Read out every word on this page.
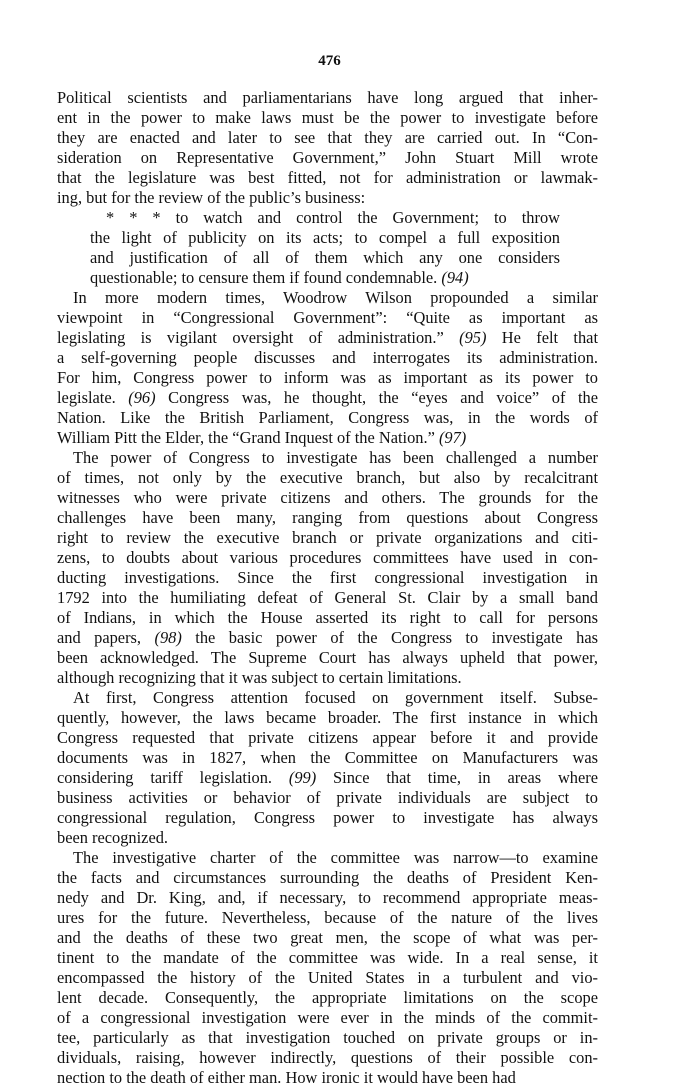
476
Political scientists and parliamentarians have long argued that inher-
ent in the power to make laws must be the power to investigate before
they are enacted and later to see that they are carried out. In “Con-
sideration on Representative Government,” John Stuart Mill wrote
that the legislature was best fitted, not for administration or lawmak-
ing, but for the review of the public’s business:
* * * to watch and control the Government; to throw
the light of publicity on its acts; to compel a full exposition
and justification of all of them which any one considers
questionable; to censure them if found condemnable. (94)
In more modern times, Woodrow Wilson propounded a similar
viewpoint in “Congressional Government”: “Quite as important as
legislating is vigilant oversight of administration.” (95) He felt that
a self-governing people discusses and interrogates its administration.
For him, Congress power to inform was as important as its power to
legislate. (96) Congress was, he thought, the “eyes and voice” of the
Nation. Like the British Parliament, Congress was, in the words of
William Pitt the Elder, the “Grand Inquest of the Nation.” (97)
The power of Congress to investigate has been challenged a number
of times, not only by the executive branch, but also by recalcitrant
witnesses who were private citizens and others. The grounds for the
challenges have been many, ranging from questions about Congress
right to review the executive branch or private organizations and citi-
zens, to doubts about various procedures committees have used in con-
ducting investigations. Since the first congressional investigation in
1792 into the humiliating defeat of General St. Clair by a small band
of Indians, in which the House asserted its right to call for persons
and papers, (98) the basic power of the Congress to investigate has
been acknowledged. The Supreme Court has always upheld that power,
although recognizing that it was subject to certain limitations.
At first, Congress attention focused on government itself. Subse-
quently, however, the laws became broader. The first instance in which
Congress requested that private citizens appear before it and provide
documents was in 1827, when the Committee on Manufacturers was
considering tariff legislation. (99) Since that time, in areas where
business activities or behavior of private individuals are subject to
congressional regulation, Congress power to investigate has always
been recognized.
The investigative charter of the committee was narrow—to examine
the facts and circumstances surrounding the deaths of President Ken-
nedy and Dr. King, and, if necessary, to recommend appropriate meas-
ures for the future. Nevertheless, because of the nature of the lives
and the deaths of these two great men, the scope of what was per-
tinent to the mandate of the committee was wide. In a real sense, it
encompassed the history of the United States in a turbulent and vio-
lent decade. Consequently, the appropriate limitations on the scope
of a congressional investigation were ever in the minds of the commit-
tee, particularly as that investigation touched on private groups or in-
dividuals, raising, however indirectly, questions of their possible con-
nection to the death of either man. How ironic it would have been had
